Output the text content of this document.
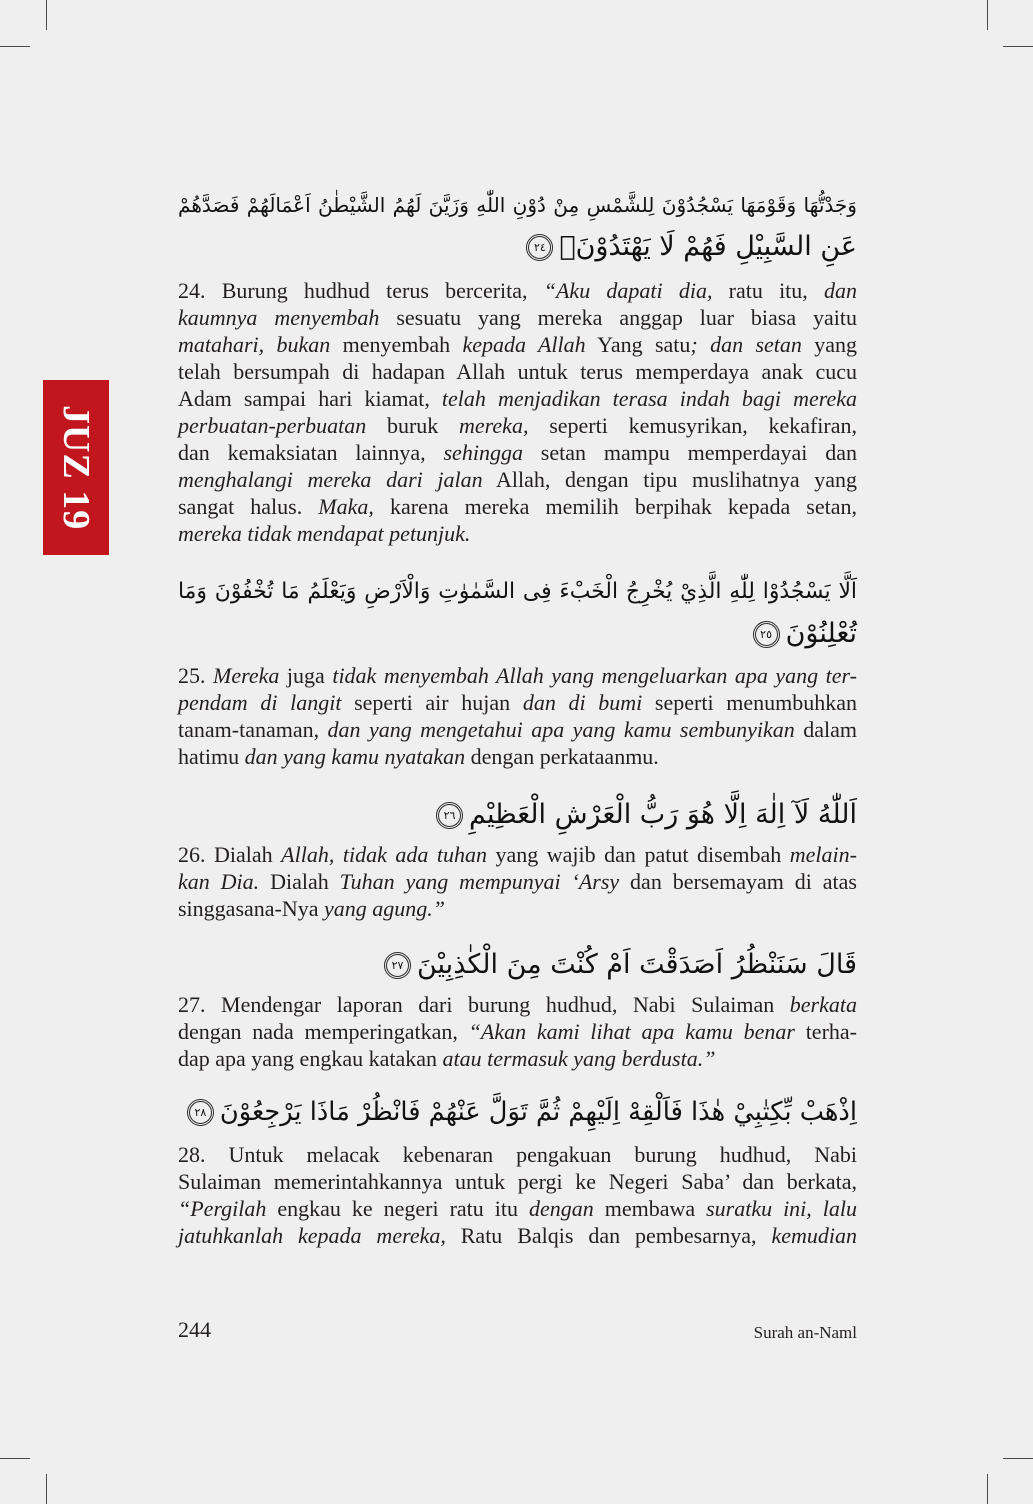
JUZ 19
وَجَدْتُّهَا وَقَوْمَهَا يَسْجُدُوْنَ لِلشَّمْسِ مِنْ دُوْنِ اللّٰهِ وَزَيَّنَ لَهُمُ الشَّيْطٰنُ اَعْمَالَهُمْ فَصَدَّهُمْ
عَنِ السَّبِيْلِ فَهُمْ لَا يَهْتَدُوْنَۙ٢٤
24. Burung hudhud terus bercerita, “Aku dapati dia, ratu itu, dan
kaumnya menyembah sesuatu yang mereka anggap luar biasa yaitu
matahari, bukan menyembah kepada Allah Yang satu; dan setan yang
telah bersumpah di hadapan Allah untuk terus memperdaya anak cucu
Adam sampai hari kiamat, telah menjadikan terasa indah bagi mereka
perbuatan-perbuatan buruk mereka, seperti kemusyrikan, kekafiran,
dan kemaksiatan lainnya, sehingga setan mampu memperdayai dan
menghalangi mereka dari jalan Allah, dengan tipu muslihatnya yang
sangat halus. Maka, karena mereka memilih berpihak kepada setan,
mereka tidak mendapat petunjuk.
اَلَّا يَسْجُدُوْا لِلّٰهِ الَّذِيْ يُخْرِجُ الْخَبْءَ فِى السَّمٰوٰتِ وَالْاَرْضِ وَيَعْلَمُ مَا تُخْفُوْنَ وَمَا
تُعْلِنُوْنَ٢٥
25. Mereka juga tidak menyembah Allah yang mengeluarkan apa yang ter-
pendam di langit seperti air hujan dan di bumi seperti menumbuhkan
tanam-tanaman, dan yang mengetahui apa yang kamu sembunyikan dalam
hatimu dan yang kamu nyatakan dengan perkataanmu.
اَللّٰهُ لَآ اِلٰهَ اِلَّا هُوَ رَبُّ الْعَرْشِ الْعَظِيْمِ٢٦
26. Dialah Allah, tidak ada tuhan yang wajib dan patut disembah melain-
kan Dia. Dialah Tuhan yang mempunyai ‘Arsy dan bersemayam di atas
singgasana-Nya yang agung.”
قَالَ سَنَنْظُرُ اَصَدَقْتَ اَمْ كُنْتَ مِنَ الْكٰذِبِيْنَ٢٧
27. Mendengar laporan dari burung hudhud, Nabi Sulaiman berkata
dengan nada memperingatkan, “Akan kami lihat apa kamu benar terha-
dap apa yang engkau katakan atau termasuk yang berdusta.”
اِذْهَبْ بِّكِتٰبِيْ هٰذَا فَاَلْقِهْ اِلَيْهِمْ ثُمَّ تَوَلَّ عَنْهُمْ فَانْظُرْ مَاذَا يَرْجِعُوْنَ٢٨
28. Untuk melacak kebenaran pengakuan burung hudhud, Nabi
Sulaiman memerintahkannya untuk pergi ke Negeri Saba’ dan berkata,
“Pergilah engkau ke negeri ratu itu dengan membawa suratku ini, lalu
jatuhkanlah kepada mereka, Ratu Balqis dan pembesarnya, kemudian
244	Surah an-Naml
